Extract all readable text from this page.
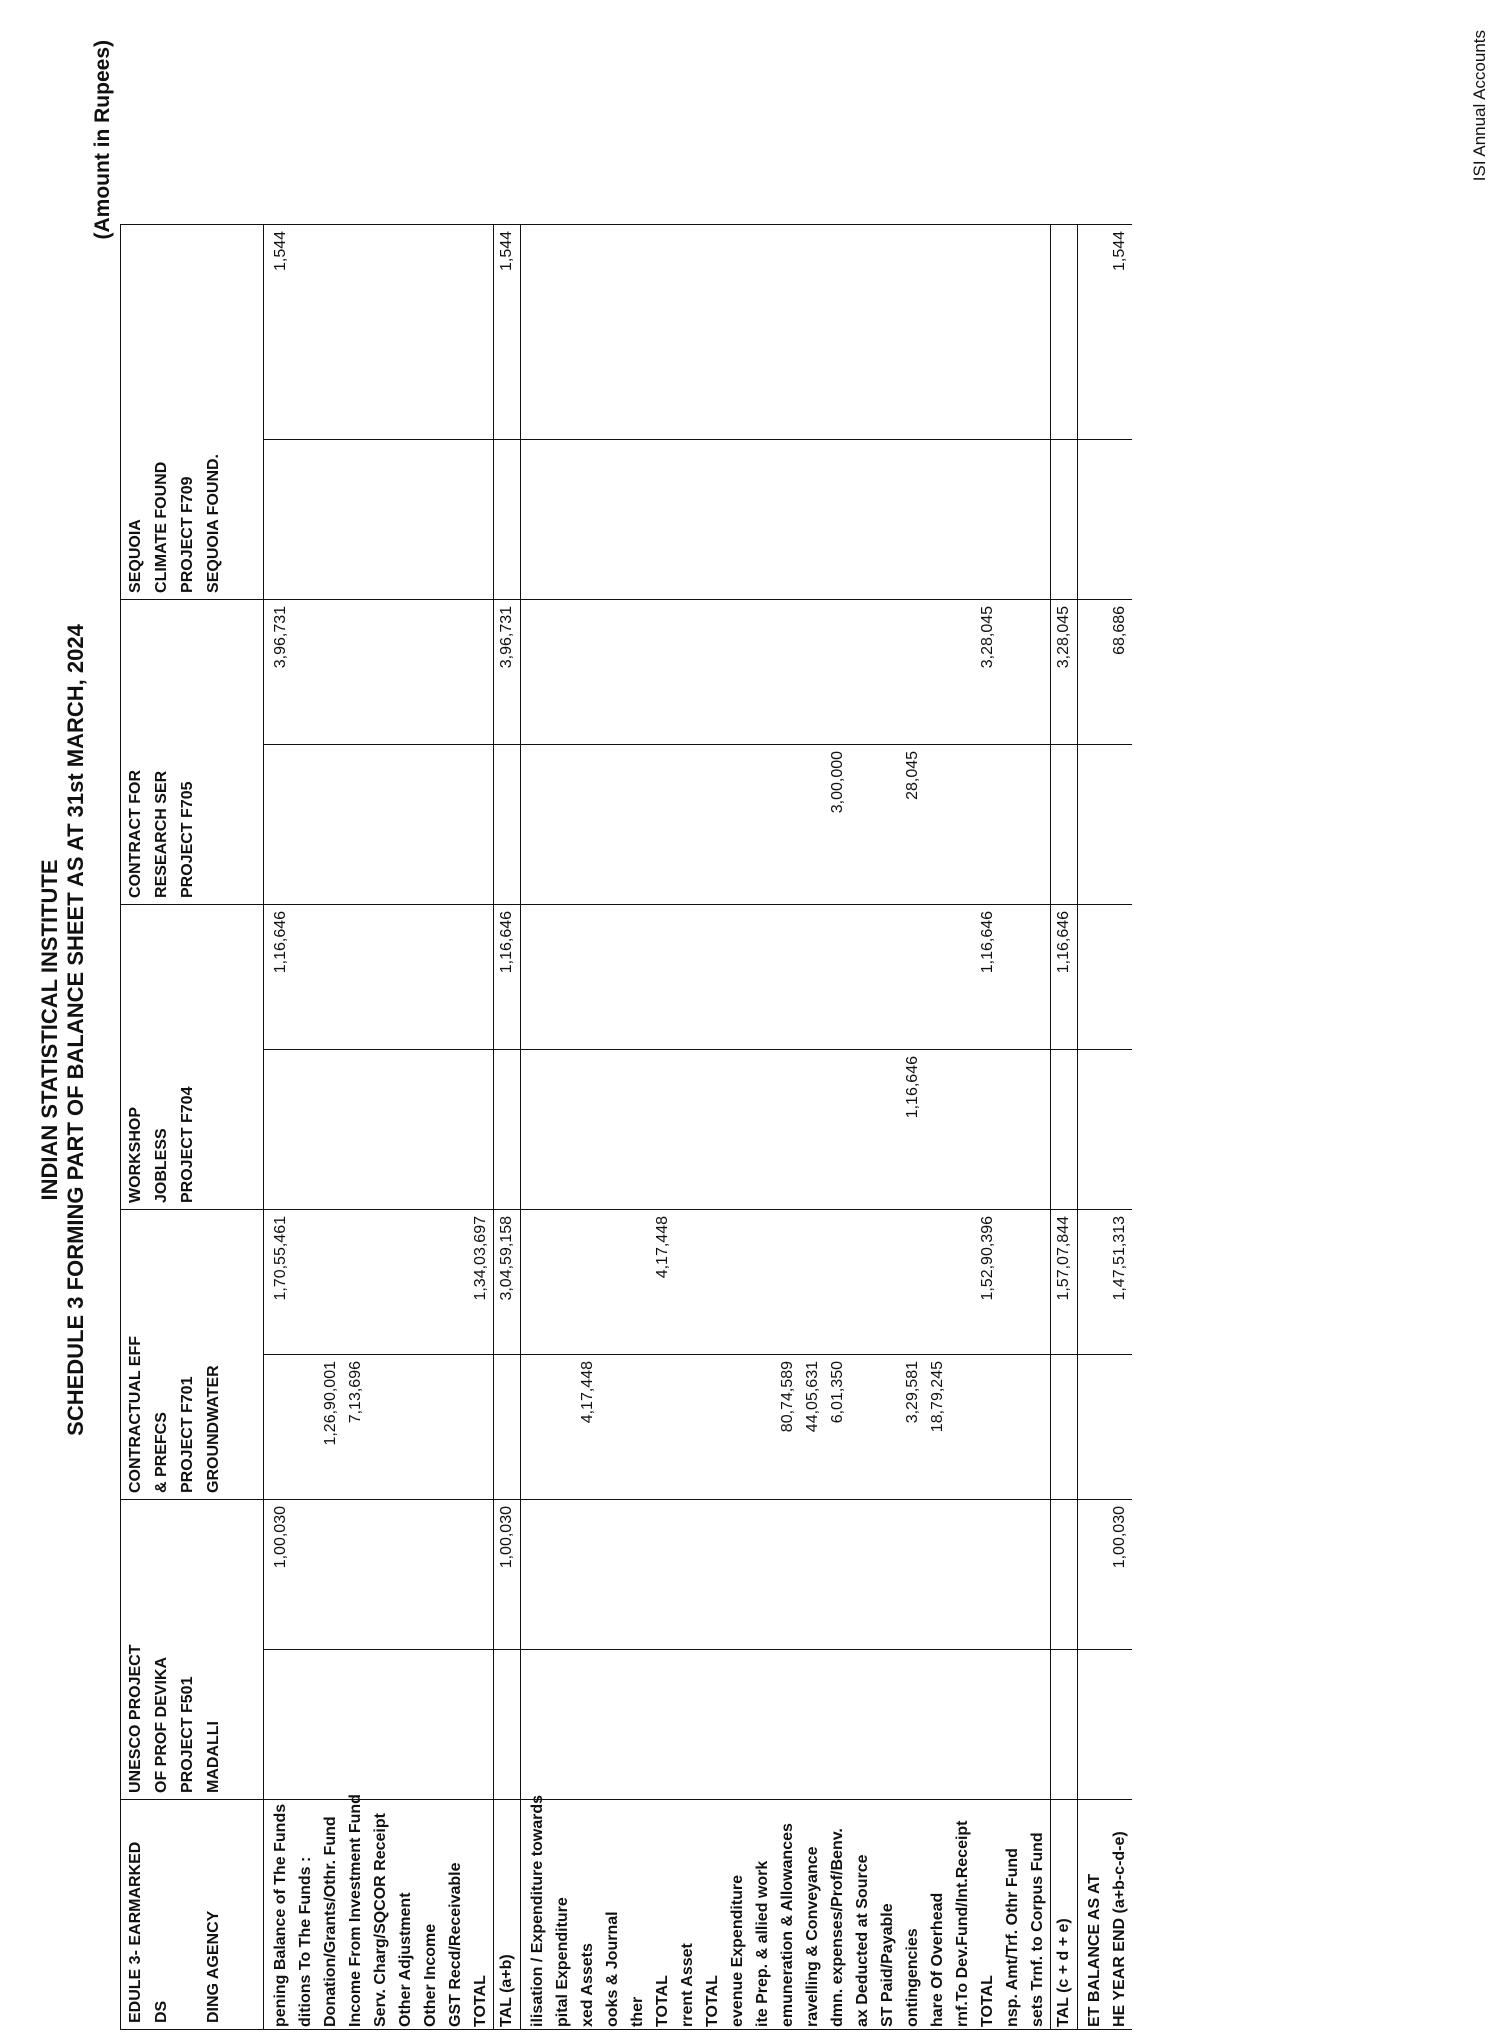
INDIAN STATISTICAL INSTITUTE SCHEDULE 3 FORMING PART OF BALANCE SHEET AS AT 31st MARCH, 2024
(Amount in Rupees)
EDULE 3- EARMARKED DS DING AGENCY	UNESCO PROJECT OF PROF DEVIKA PROJECT F501 MADALLI		CONTRACTUAL EFF & PREFCS PROJECT F701 GROUNDWATER		WORKSHOP JOBLESS PROJECT F704		CONTRACT FOR RESEARCH SER PROJECT F705		SEQUOIA CLIMATE FOUND PROJECT F709 SEQUOIA FOUND.	

pening Balance of The Funds		1,00,030		1,70,55,461		1,16,646		3,96,731		1,544
ditions To The Funds :										
Donation/Grants/Othr. Fund			1,26,90,001							
Income From Investment Fund			7,13,696							
Serv. Charg/SQCOR Receipt										
Other Adjustment										
Other Income										
GST Recd/Receivable										
TOTAL				1,34,03,697						
TAL (a+b)		1,00,030		3,04,59,158		1,16,646		3,96,731		1,544
ilisation / Expenditure towards										
pital Expenditure										
xed Assets			4,17,448							
ooks & Journal										
ther										
TOTAL				4,17,448						
rrent Asset										
TOTAL										
evenue Expenditure										
ite Prep. & allied work										
emuneration & Allowances			80,74,589							
ravelling & Conveyance			44,05,631							
dmn. expenses/Prof/Benv.			6,01,350				3,00,000			
ax Deducted at Source										
ST Paid/Payable										
ontingencies			3,29,581		1,16,646		28,045			
hare Of Overhead			18,79,245							
rnf.To Dev.Fund/Int.Receipt										
TOTAL				1,52,90,396		1,16,646		3,28,045		
nsp. Amt/Trf. Othr Fund										
sets Trnf. to Corpus Fund										
TAL (c + d + e)				1,57,07,844		1,16,646		3,28,045		
ET BALANCE AS AT										
HE YEAR END (a+b-c-d-e)		1,00,030		1,47,51,313				68,686		1,544
ISI Annual Accounts
